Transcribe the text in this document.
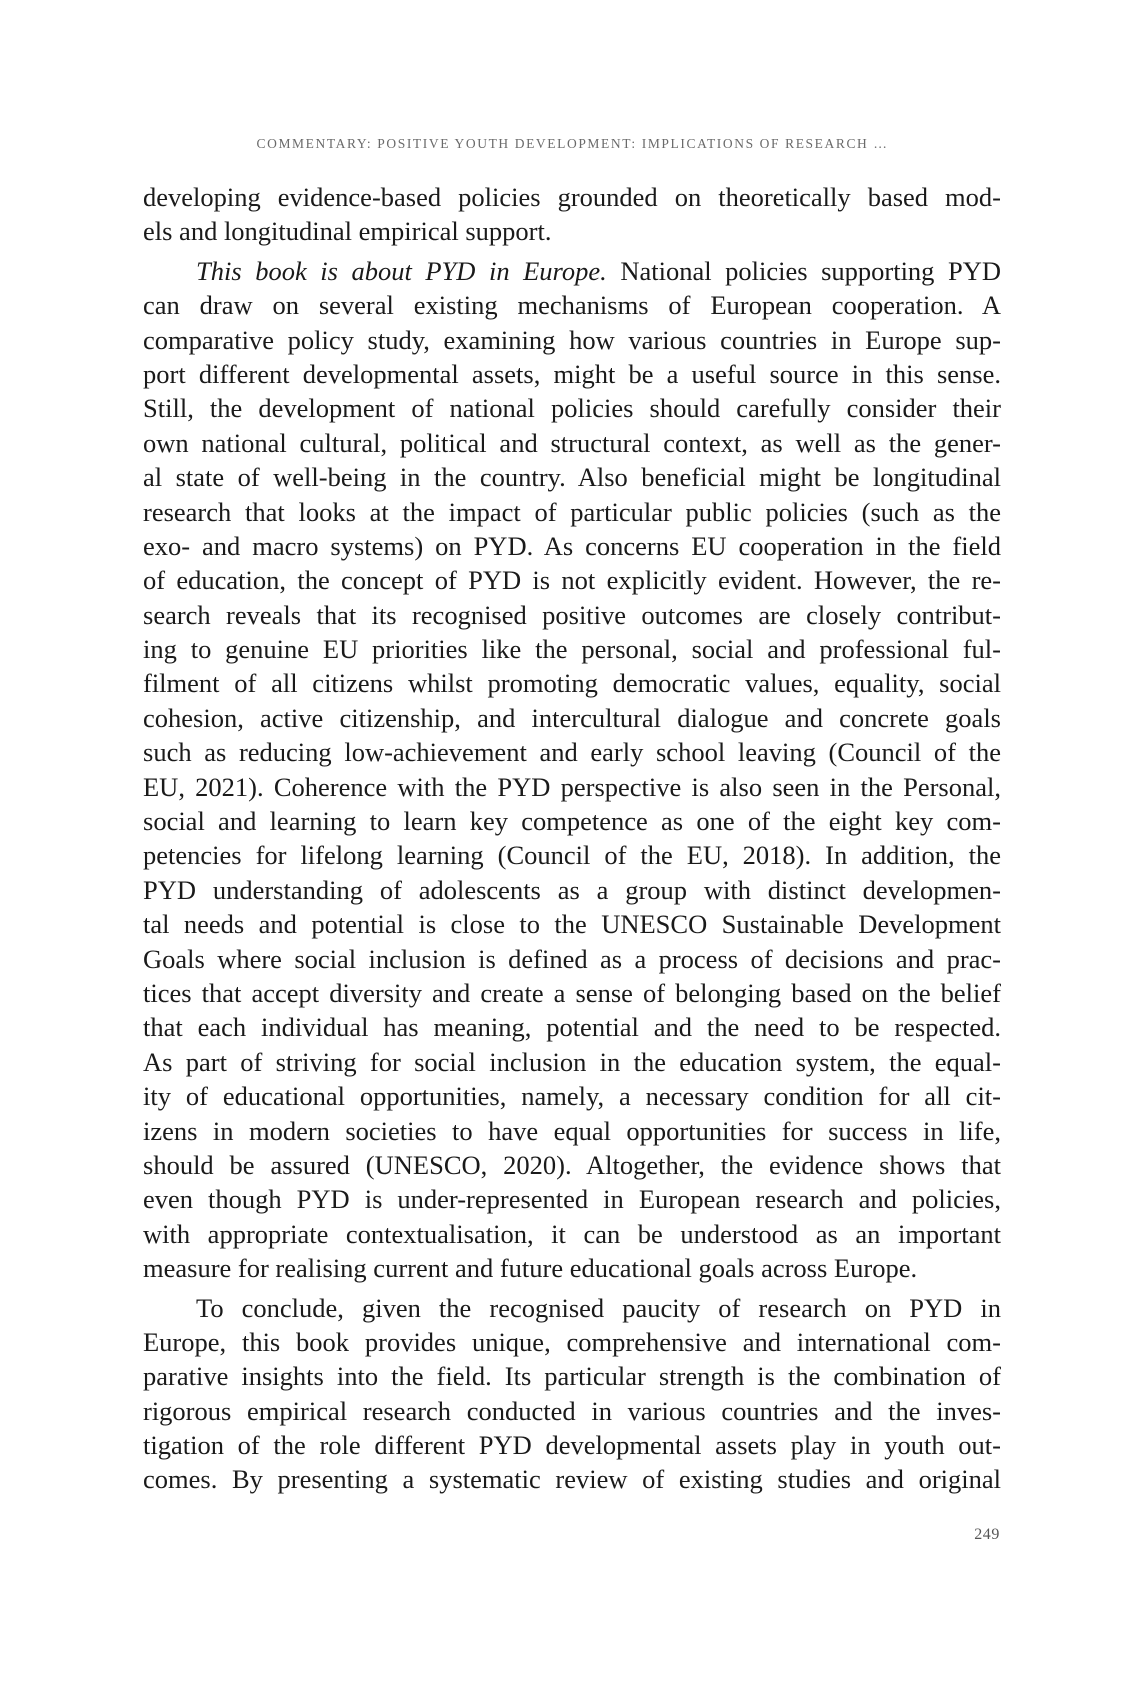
COMMENTARY: POSITIVE YOUTH DEVELOPMENT: IMPLICATIONS OF RESEARCH …
developing evidence-based policies grounded on theoretically based mod-
els and longitudinal empirical support.
This book is about PYD in Europe. National policies supporting PYD
can draw on several existing mechanisms of European cooperation. A
comparative policy study, examining how various countries in Europe sup-
port different developmental assets, might be a useful source in this sense.
Still, the development of national policies should carefully consider their
own national cultural, political and structural context, as well as the gener-
al state of well-being in the country. Also beneficial might be longitudinal
research that looks at the impact of particular public policies (such as the
exo- and macro systems) on PYD. As concerns EU cooperation in the field
of education, the concept of PYD is not explicitly evident. However, the re-
search reveals that its recognised positive outcomes are closely contribut-
ing to genuine EU priorities like the personal, social and professional ful-
filment of all citizens whilst promoting democratic values, equality, social
cohesion, active citizenship, and intercultural dialogue and concrete goals
such as reducing low-achievement and early school leaving (Council of the
EU, 2021). Coherence with the PYD perspective is also seen in the Personal,
social and learning to learn key competence as one of the eight key com-
petencies for lifelong learning (Council of the EU, 2018). In addition, the
PYD understanding of adolescents as a group with distinct developmen-
tal needs and potential is close to the UNESCO Sustainable Development
Goals where social inclusion is defined as a process of decisions and prac-
tices that accept diversity and create a sense of belonging based on the belief
that each individual has meaning, potential and the need to be respected.
As part of striving for social inclusion in the education system, the equal-
ity of educational opportunities, namely, a necessary condition for all cit-
izens in modern societies to have equal opportunities for success in life,
should be assured (UNESCO, 2020). Altogether, the evidence shows that
even though PYD is under-represented in European research and policies,
with appropriate contextualisation, it can be understood as an important
measure for realising current and future educational goals across Europe.
To conclude, given the recognised paucity of research on PYD in
Europe, this book provides unique, comprehensive and international com-
parative insights into the field. Its particular strength is the combination of
rigorous empirical research conducted in various countries and the inves-
tigation of the role different PYD developmental assets play in youth out-
comes. By presenting a systematic review of existing studies and original
249
